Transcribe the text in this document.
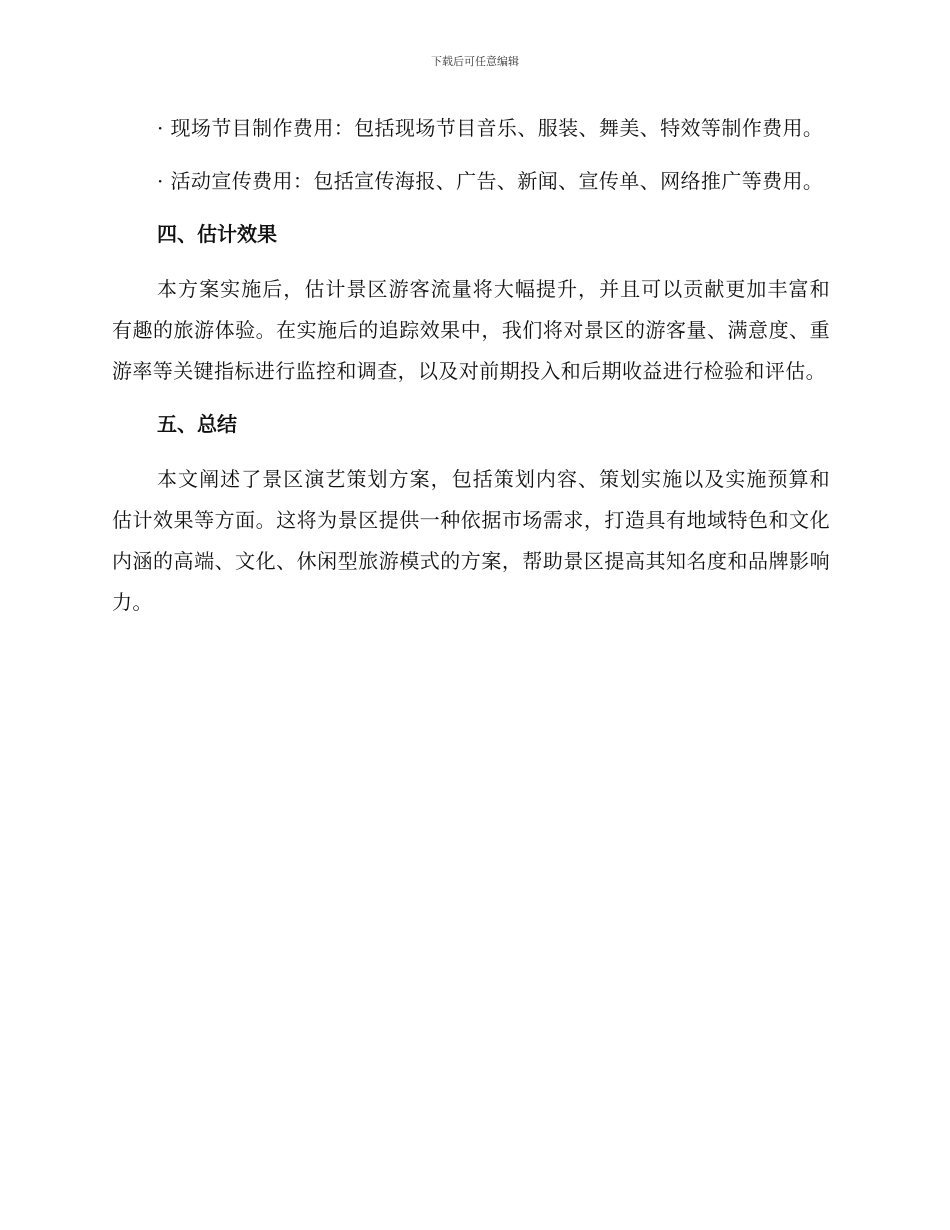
下载后可任意编辑

· 现场节目制作费用：包括现场节目音乐、服装、舞美、特效等制作费用。

· 活动宣传费用：包括宣传海报、广告、新闻、宣传单、网络推广等费用。

四、估计效果

本方案实施后，估计景区游客流量将大幅提升，并且可以贡献更加丰富和有趣的旅游体验。在实施后的追踪效果中，我们将对景区的游客量、满意度、重游率等关键指标进行监控和调查，以及对前期投入和后期收益进行检验和评估。

五、总结

本文阐述了景区演艺策划方案，包括策划内容、策划实施以及实施预算和估计效果等方面。这将为景区提供一种依据市场需求，打造具有地域特色和文化内涵的高端、文化、休闲型旅游模式的方案，帮助景区提高其知名度和品牌影响力。
